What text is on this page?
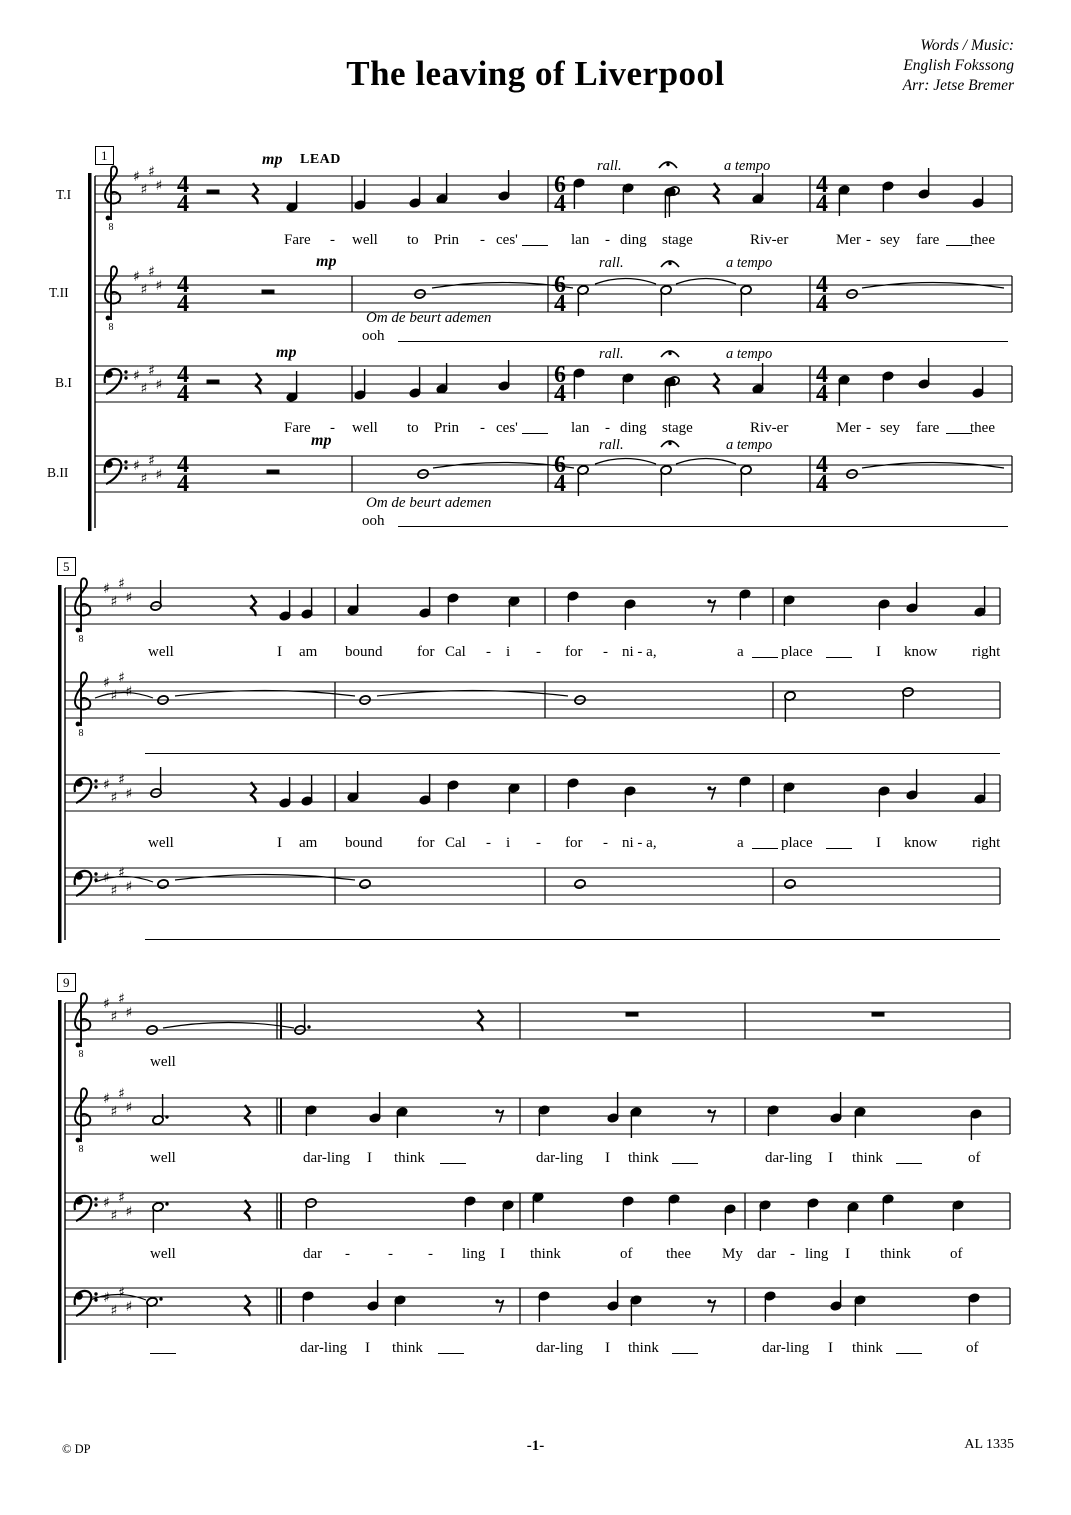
The leaving of Liverpool
Words / Music:
English Fokssong
Arr: Jetse Bremer
8
♯
♯
♯
♯ 4
4
6
4
4
4
8
♯
♯
♯
♯ 4
4
6
4
4
4
♯
♯
♯
♯ 4
4
6
4
4
4
♯
♯
♯
♯ 4
4
6
4
4
4
8
♯
♯
♯
♯
8
♯
♯
♯
♯
♯
♯
♯
♯
♯
♯
♯
♯
8
♯
♯
♯
♯
8
♯
♯
♯
♯
♯
♯
♯
♯
♯
♯
♯
♯
mp LEAD	rall.	a tempo
mp	rall.	a tempo
Om de beurt ademen
ooh
mp	rall.	a tempo
mp	rall.	a tempo
Om de beurt ademen
ooh
Fare - well to Prin - ces'	lan - ding stage	Riv-er	Mer - sey fare thee
Fare - well to Prin - ces'	lan - ding stage	Riv-er	Mer - sey fare thee
well	I am bound for Cal - i - for - ni - a,	a place	I know right
well	I am bound for Cal - i - for - ni - a,	a place	I know right
well
well	dar-ling I think	dar-ling I think	dar-ling I think	of
well	dar -	- - ling I think	of thee My dar - ling I think	of
dar-ling I think	dar-ling I think	dar-ling I think	of
1
5
9
T.I
T.II
B.I
B.II
© DP	-1-	AL 1335
